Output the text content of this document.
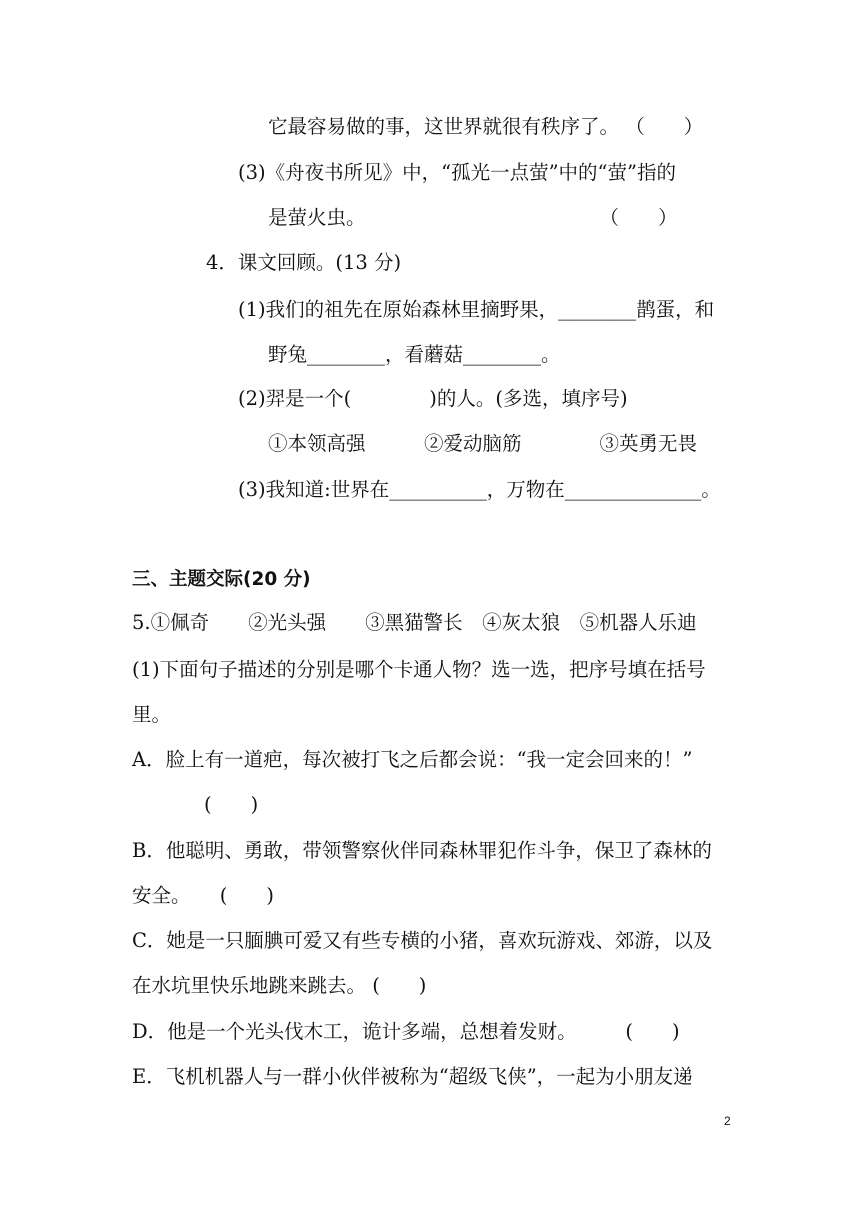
它最容易做的事，这世界就很有秩序了。 （　　）
(3)《舟夜书所见》中，“孤光一点萤”中的“萤”指的
是萤火虫。　　　　　　　　　　　　　（　　）
4．课文回顾。(13 分)
(1)我们的祖先在原始森林里摘野果，________鹊蛋，和
野兔________，看蘑菇________。
(2)羿是一个(　　　　)的人。(多选，填序号)
①本领高强　　　②爱动脑筋　　　　③英勇无畏
(3)我知道:世界在__________，万物在______________。
三、主题交际(20 分)
5.①佩奇　　②光头强　　③黑猫警长　④灰太狼　⑤机器人乐迪
(1)下面句子描述的分别是哪个卡通人物？选一选，把序号填在括号
里。
A．脸上有一道疤，每次被打飞之后都会说：“我一定会回来的！”
(　　)
B．他聪明、勇敢，带领警察伙伴同森林罪犯作斗争，保卫了森林的
安全。　　(　　)
C．她是一只腼腆可爱又有些专横的小猪，喜欢玩游戏、郊游，以及
在水坑里快乐地跳来跳去。 (　　)
D．他是一个光头伐木工，诡计多端，总想着发财。　　　(　　)
E．飞机机器人与一群小伙伴被称为“超级飞侠”，一起为小朋友递
2
